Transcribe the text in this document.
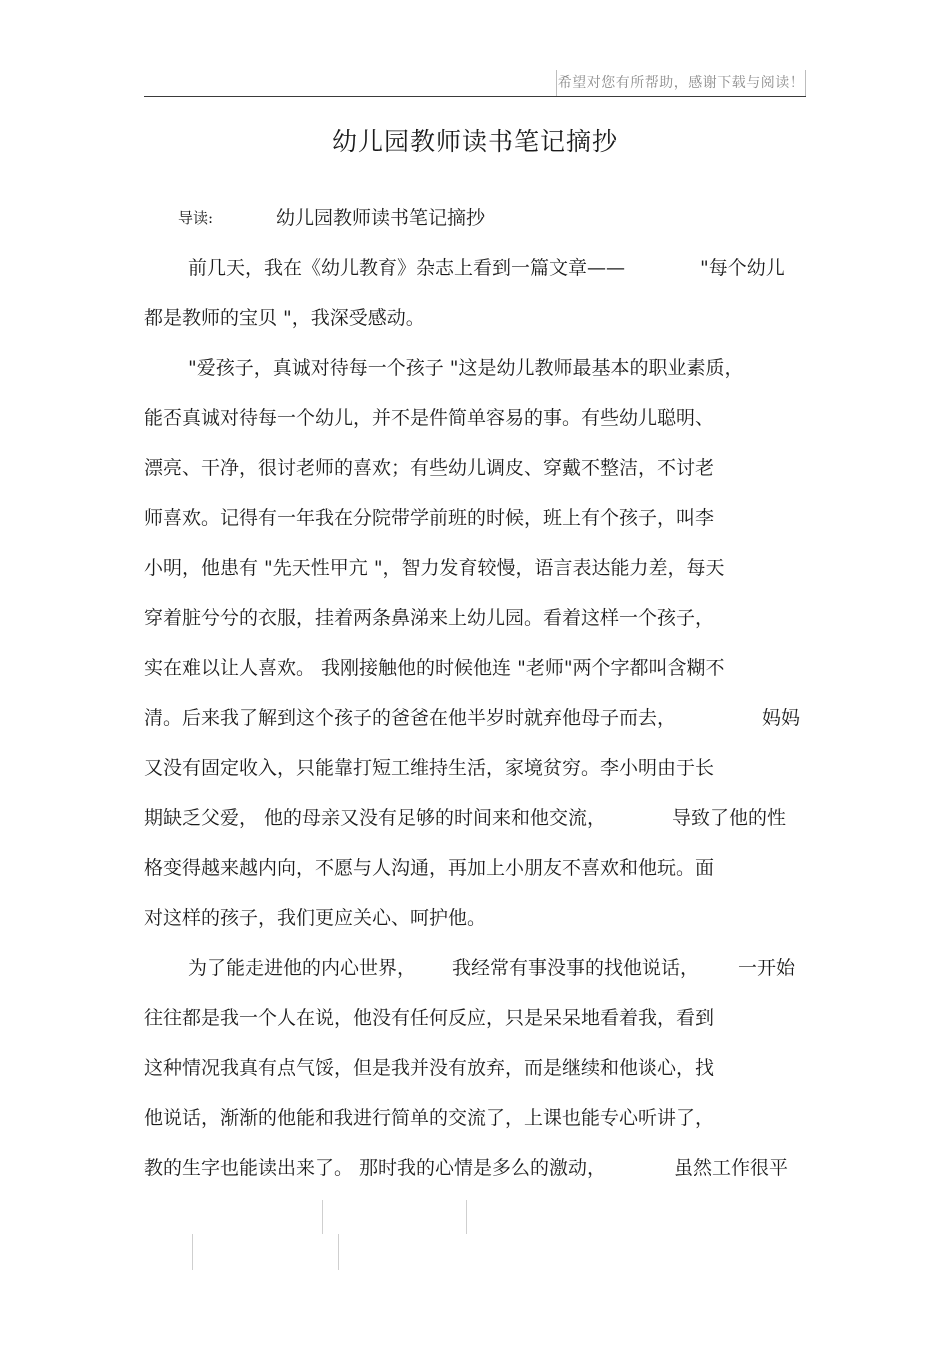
希望对您有所帮助，感谢下载与阅读！
幼儿园教师读书笔记摘抄
导读:	幼儿园教师读书笔记摘抄
前几天，我在《幼儿教育》杂志上看到一篇文章——	"每个幼儿
都是教师的宝贝 "，我深受感动。
"爱孩子，真诚对待每一个孩子 "这是幼儿教师最基本的职业素质，
能否真诚对待每一个幼儿，并不是件简单容易的事。有些幼儿聪明、
漂亮、干净，很讨老师的喜欢；有些幼儿调皮、穿戴不整洁，不讨老
师喜欢。记得有一年我在分院带学前班的时候，班上有个孩子，叫李
小明，他患有 "先天性甲亢 "，智力发育较慢，语言表达能力差，每天
穿着脏兮兮的衣服，挂着两条鼻涕来上幼儿园。看着这样一个孩子，
实在难以让人喜欢。 我刚接触他的时候他连 "老师"两个字都叫含糊不
清。后来我了解到这个孩子的爸爸在他半岁时就弃他母子而去，	妈妈
又没有固定收入，只能靠打短工维持生活，家境贫穷。李小明由于长
期缺乏父爱， 他的母亲又没有足够的时间来和他交流，	导致了他的性
格变得越来越内向，不愿与人沟通，再加上小朋友不喜欢和他玩。面
对这样的孩子，我们更应关心、呵护他。
为了能走进他的内心世界， 我经常有事没事的找他说话， 一开始
往往都是我一个人在说，他没有任何反应，只是呆呆地看着我，看到
这种情况我真有点气馁，但是我并没有放弃，而是继续和他谈心，找
他说话，渐渐的他能和我进行简单的交流了，上课也能专心听讲了，
教的生字也能读出来了。 那时我的心情是多么的激动，	虽然工作很平
